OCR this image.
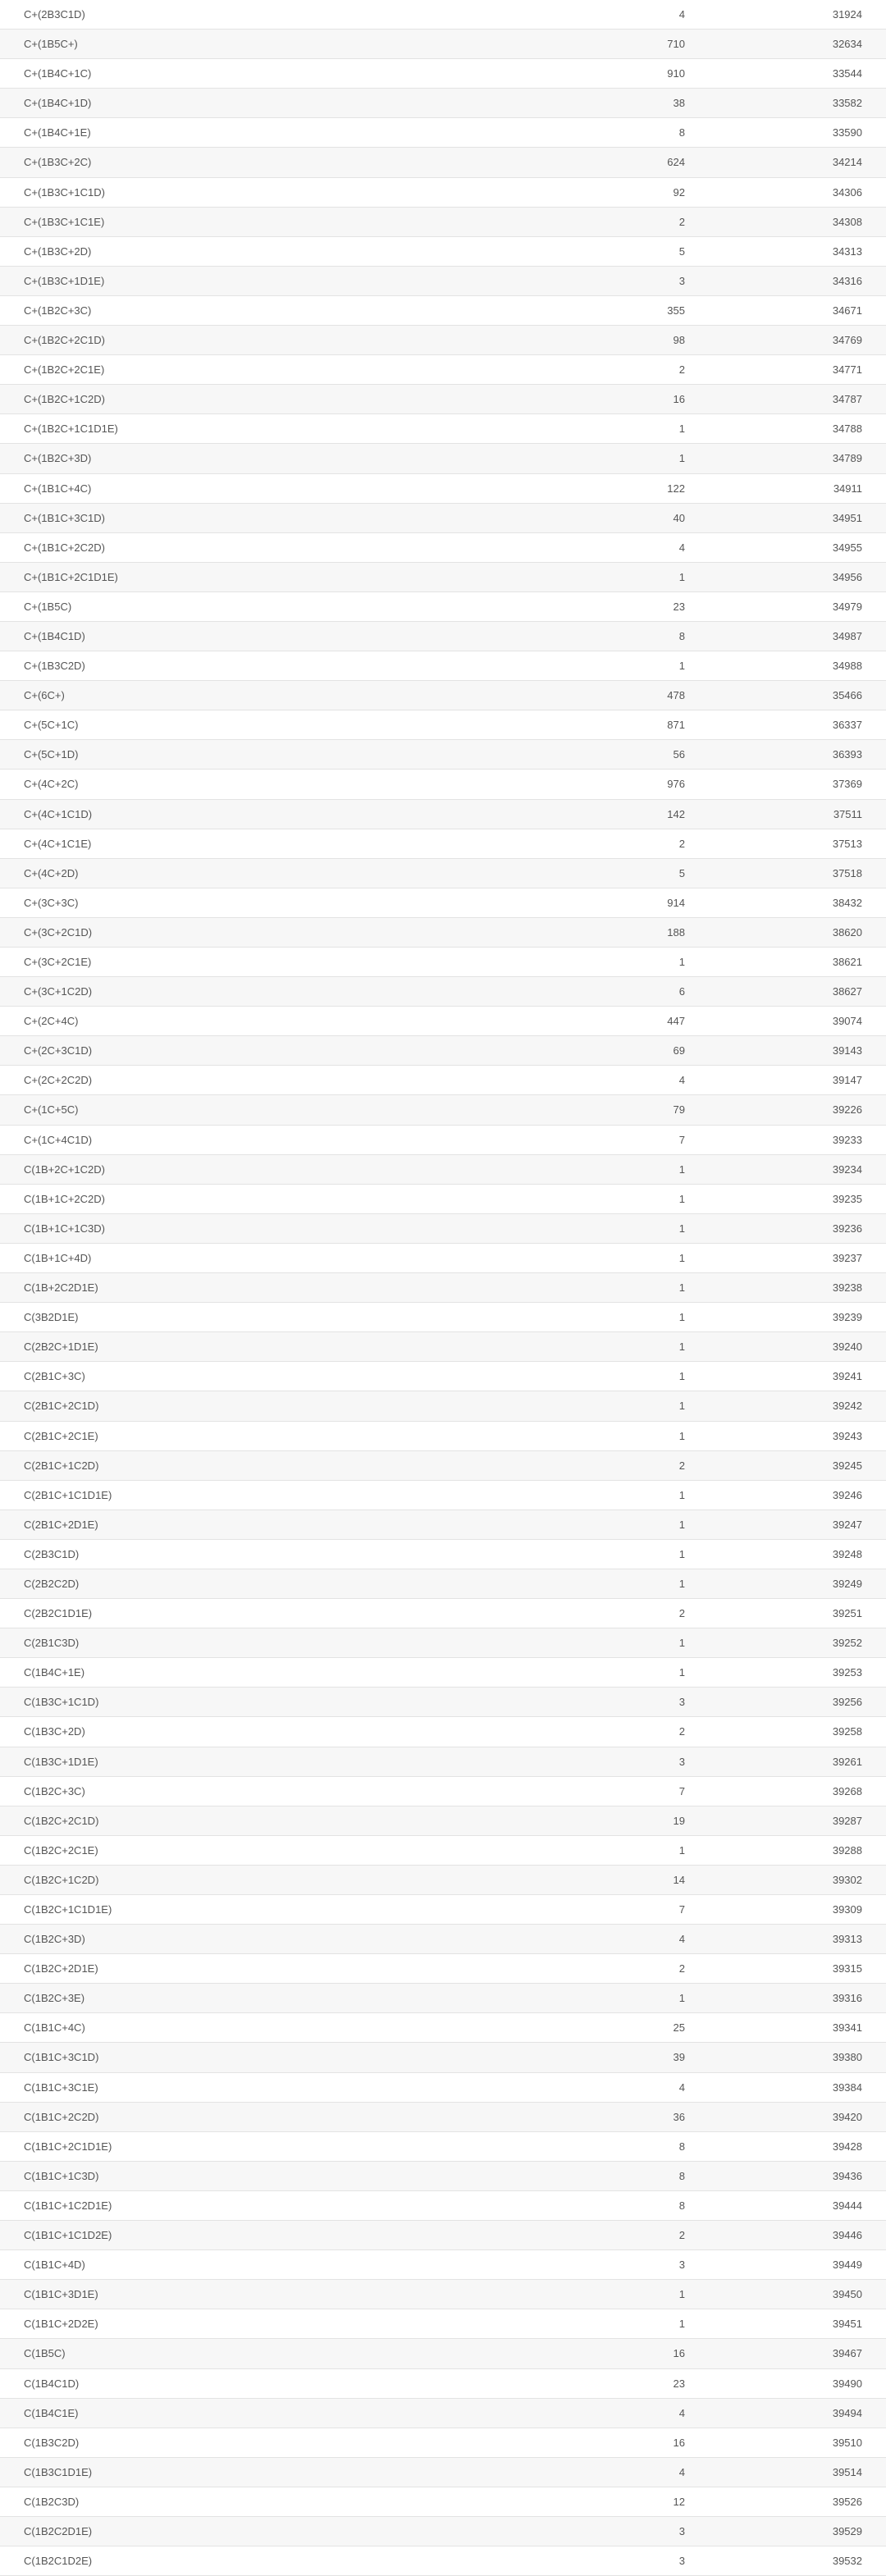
C+(2B3C1D)	4	31924
C+(1B5C+)	710	32634
C+(1B4C+1C)	910	33544
C+(1B4C+1D)	38	33582
C+(1B4C+1E)	8	33590
C+(1B3C+2C)	624	34214
C+(1B3C+1C1D)	92	34306
C+(1B3C+1C1E)	2	34308
C+(1B3C+2D)	5	34313
C+(1B3C+1D1E)	3	34316
C+(1B2C+3C)	355	34671
C+(1B2C+2C1D)	98	34769
C+(1B2C+2C1E)	2	34771
C+(1B2C+1C2D)	16	34787
C+(1B2C+1C1D1E)	1	34788
C+(1B2C+3D)	1	34789
C+(1B1C+4C)	122	34911
C+(1B1C+3C1D)	40	34951
C+(1B1C+2C2D)	4	34955
C+(1B1C+2C1D1E)	1	34956
C+(1B5C)	23	34979
C+(1B4C1D)	8	34987
C+(1B3C2D)	1	34988
C+(6C+)	478	35466
C+(5C+1C)	871	36337
C+(5C+1D)	56	36393
C+(4C+2C)	976	37369
C+(4C+1C1D)	142	37511
C+(4C+1C1E)	2	37513
C+(4C+2D)	5	37518
C+(3C+3C)	914	38432
C+(3C+2C1D)	188	38620
C+(3C+2C1E)	1	38621
C+(3C+1C2D)	6	38627
C+(2C+4C)	447	39074
C+(2C+3C1D)	69	39143
C+(2C+2C2D)	4	39147
C+(1C+5C)	79	39226
C+(1C+4C1D)	7	39233
C(1B+2C+1C2D)	1	39234
C(1B+1C+2C2D)	1	39235
C(1B+1C+1C3D)	1	39236
C(1B+1C+4D)	1	39237
C(1B+2C2D1E)	1	39238
C(3B2D1E)	1	39239
C(2B2C+1D1E)	1	39240
C(2B1C+3C)	1	39241
C(2B1C+2C1D)	1	39242
C(2B1C+2C1E)	1	39243
C(2B1C+1C2D)	2	39245
C(2B1C+1C1D1E)	1	39246
C(2B1C+2D1E)	1	39247
C(2B3C1D)	1	39248
C(2B2C2D)	1	39249
C(2B2C1D1E)	2	39251
C(2B1C3D)	1	39252
C(1B4C+1E)	1	39253
C(1B3C+1C1D)	3	39256
C(1B3C+2D)	2	39258
C(1B3C+1D1E)	3	39261
C(1B2C+3C)	7	39268
C(1B2C+2C1D)	19	39287
C(1B2C+2C1E)	1	39288
C(1B2C+1C2D)	14	39302
C(1B2C+1C1D1E)	7	39309
C(1B2C+3D)	4	39313
C(1B2C+2D1E)	2	39315
C(1B2C+3E)	1	39316
C(1B1C+4C)	25	39341
C(1B1C+3C1D)	39	39380
C(1B1C+3C1E)	4	39384
C(1B1C+2C2D)	36	39420
C(1B1C+2C1D1E)	8	39428
C(1B1C+1C3D)	8	39436
C(1B1C+1C2D1E)	8	39444
C(1B1C+1C1D2E)	2	39446
C(1B1C+4D)	3	39449
C(1B1C+3D1E)	1	39450
C(1B1C+2D2E)	1	39451
C(1B5C)	16	39467
C(1B4C1D)	23	39490
C(1B4C1E)	4	39494
C(1B3C2D)	16	39510
C(1B3C1D1E)	4	39514
C(1B2C3D)	12	39526
C(1B2C2D1E)	3	39529
C(1B2C1D2E)	3	39532
